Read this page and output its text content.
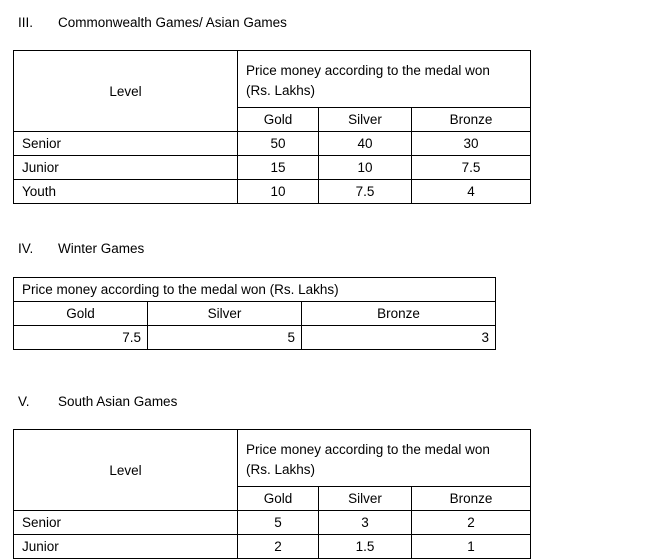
III. Commonwealth Games/ Asian Games
Level	Price money according to the medal won
(Rs. Lakhs)		
	Gold	Silver	Bronze
Senior	50	40	30
Junior	15	10	7.5
Youth	10	7.5	4
IV. Winter Games
Price money according to the medal won (Rs. Lakhs)		
Gold	Silver	Bronze
7.5	5	3
V. South Asian Games
Level	Price money according to the medal won
(Rs. Lakhs)		
	Gold	Silver	Bronze
Senior	5	3	2
Junior	2	1.5	1
